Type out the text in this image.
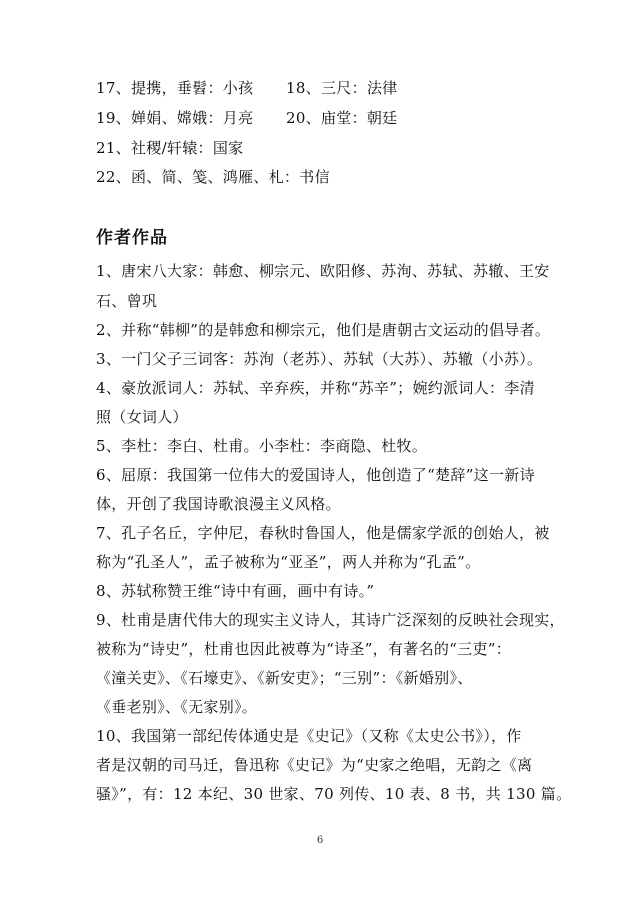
17、提携，垂髫：小孩 18、三尺：法律
19、婵娟、嫦娥：月亮 20、庙堂：朝廷
21、社稷/轩辕：国家
22、函、简、笺、鸿雁、札：书信
作者作品
1、唐宋八大家：韩愈、柳宗元、欧阳修、苏洵、苏轼、苏辙、王安
石、曾巩
2、并称“韩柳”的是韩愈和柳宗元，他们是唐朝古文运动的倡导者。
3、一门父子三词客：苏洵（老苏）、苏轼（大苏）、苏辙（小苏）。
4、豪放派词人：苏轼、辛弃疾，并称“苏辛”；婉约派词人：李清
照（女词人）
5、李杜：李白、杜甫。小李杜：李商隐、杜牧。
6、屈原：我国第一位伟大的爱国诗人，他创造了“楚辞”这一新诗
体，开创了我国诗歌浪漫主义风格。
7、孔子名丘，字仲尼，春秋时鲁国人，他是儒家学派的创始人，被
称为“孔圣人”，孟子被称为“亚圣”，两人并称为“孔孟”。
8、苏轼称赞王维“诗中有画，画中有诗。”
9、杜甫是唐代伟大的现实主义诗人，其诗广泛深刻的反映社会现实，
被称为“诗史”，杜甫也因此被尊为“诗圣”，有著名的“三吏”：
《潼关吏》、《石壕吏》、《新安吏》；“三别”：《新婚别》、
《垂老别》、《无家别》。
10、我国第一部纪传体通史是《史记》（又称《太史公书》），作
者是汉朝的司马迁，鲁迅称《史记》为“史家之绝唱，无韵之《离
骚》”，有：12 本纪、30 世家、70 列传、10 表、8 书，共 130 篇。
6
